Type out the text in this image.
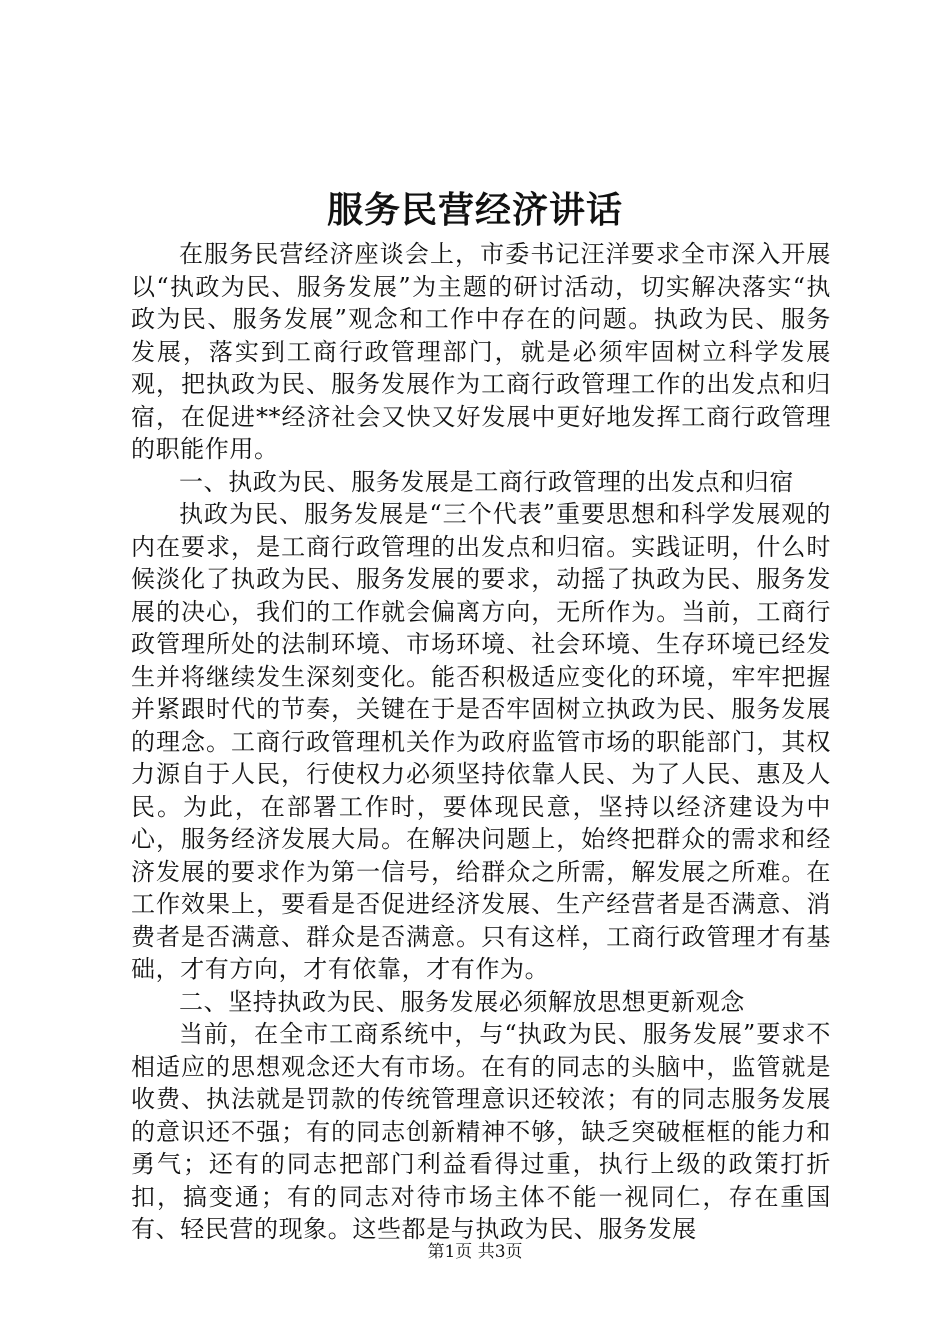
服务民营经济讲话

在服务民营经济座谈会上，市委书记汪洋要求全市深入开展以“执政为民、服务发展”为主题的研讨活动，切实解决落实“执政为民、服务发展”观念和工作中存在的问题。执政为民、服务发展，落实到工商行政管理部门，就是必须牢固树立科学发展观，把执政为民、服务发展作为工商行政管理工作的出发点和归宿，在促进**经济社会又快又好发展中更好地发挥工商行政管理的职能作用。

一、执政为民、服务发展是工商行政管理的出发点和归宿

执政为民、服务发展是“三个代表”重要思想和科学发展观的内在要求，是工商行政管理的出发点和归宿。实践证明，什么时候淡化了执政为民、服务发展的要求，动摇了执政为民、服务发展的决心，我们的工作就会偏离方向，无所作为。当前，工商行政管理所处的法制环境、市场环境、社会环境、生存环境已经发生并将继续发生深刻变化。能否积极适应变化的环境，牢牢把握并紧跟时代的节奏，关键在于是否牢固树立执政为民、服务发展的理念。工商行政管理机关作为政府监管市场的职能部门，其权力源自于人民，行使权力必须坚持依靠人民、为了人民、惠及人民。为此，在部署工作时，要体现民意，坚持以经济建设为中心，服务经济发展大局。在解决问题上，始终把群众的需求和经济发展的要求作为第一信号，给群众之所需，解发展之所难。在工作效果上，要看是否促进经济发展、生产经营者是否满意、消费者是否满意、群众是否满意。只有这样，工商行政管理才有基础，才有方向，才有依靠，才有作为。

二、坚持执政为民、服务发展必须解放思想更新观念

当前，在全市工商系统中，与“执政为民、服务发展”要求不相适应的思想观念还大有市场。在有的同志的头脑中，监管就是收费、执法就是罚款的传统管理意识还较浓；有的同志服务发展的意识还不强；有的同志创新精神不够，缺乏突破框框的能力和勇气；还有的同志把部门利益看得过重，执行上级的政策打折扣，搞变通；有的同志对待市场主体不能一视同仁，存在重国有、轻民营的现象。这些都是与执政为民、服务发展

第1页 共3页
